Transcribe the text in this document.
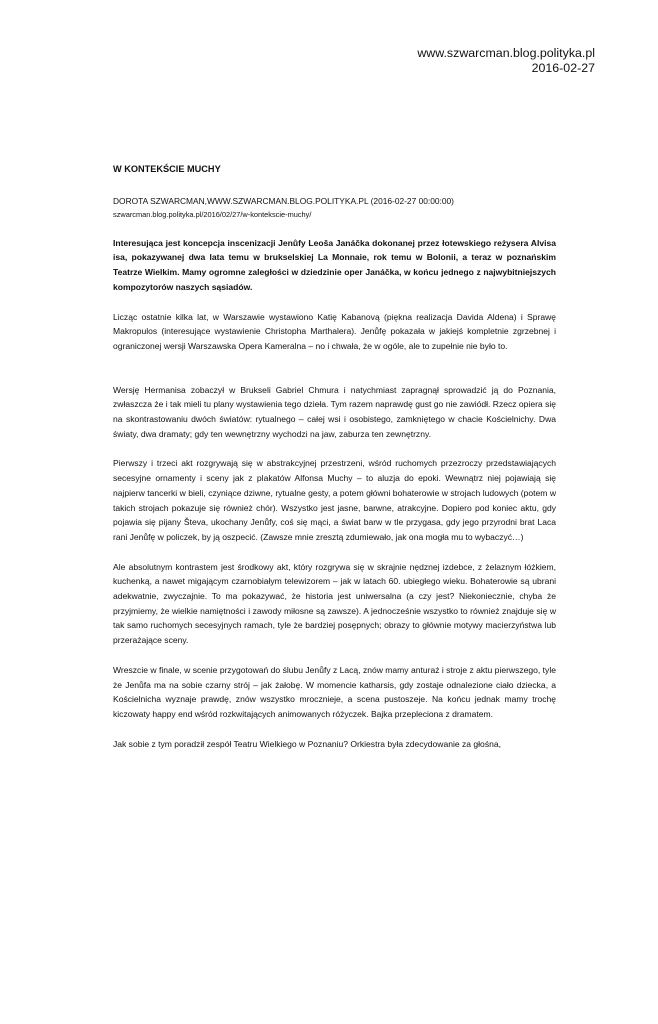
www.szwarcman.blog.polityka.pl
2016-02-27
W KONTEKŚCIE MUCHY
DOROTA SZWARCMAN,WWW.SZWARCMAN.BLOG.POLITYKA.PL (2016-02-27 00:00:00)
szwarcman.blog.polityka.pl/2016/02/27/w-kontekscie-muchy/

Interesująca jest koncepcja inscenizacji Jenůfy Leoša Janáčka dokonanej przez łotewskiego reżysera Alvisa isa, pokazywanej dwa lata temu w brukselskiej La Monnaie, rok temu w Bolonii, a teraz w poznańskim Teatrze Wielkim. Mamy ogromne zaległości w dziedzinie oper Janáčka, w końcu jednego z najwybitniejszych kompozytorów naszych sąsiadów.

Licząc ostatnie kilka lat, w Warszawie wystawiono Katię Kabanovą (piękna realizacja Davida Aldena) i Sprawę Makropulos (interesujące wystawienie Christopha Marthalera). Jenůfę pokazała w jakiejś kompletnie zgrzebnej i ograniczonej wersji Warszawska Opera Kameralna – no i chwała, że w ogóle, ale to zupełnie nie było to.

Wersję Hermanisa zobaczył w Brukseli Gabriel Chmura i natychmiast zapragnął sprowadzić ją do Poznania, zwłaszcza że i tak mieli tu plany wystawienia tego dzieła. Tym razem naprawdę gust go nie zawiódł. Rzecz opiera się na skontrastowaniu dwóch światów: rytualnego – całej wsi i osobistego, zamkniętego w chacie Kościelnichy. Dwa światy, dwa dramaty; gdy ten wewnętrzny wychodzi na jaw, zaburza ten zewnętrzny.

Pierwszy i trzeci akt rozgrywają się w abstrakcyjnej przestrzeni, wśród ruchomych przezroczy przedstawiających secesyjne ornamenty i sceny jak z plakatów Alfonsa Muchy – to aluzja do epoki. Wewnątrz niej pojawiają się najpierw tancerki w bieli, czyniące dziwne, rytualne gesty, a potem główni bohaterowie w strojach ludowych (potem w takich strojach pokazuje się również chór). Wszystko jest jasne, barwne, atrakcyjne. Dopiero pod koniec aktu, gdy pojawia się pijany Števa, ukochany Jenůfy, coś się mąci, a świat barw w tle przygasa, gdy jego przyrodni brat Laca rani Jenůfę w policzek, by ją oszpecić. (Zawsze mnie zresztą zdumiewało, jak ona mogła mu to wybaczyć…)

Ale absolutnym kontrastem jest środkowy akt, który rozgrywa się w skrajnie nędznej izdebce, z żelaznym łóżkiem, kuchenką, a nawet migającym czarnobiałym telewizorem – jak w latach 60. ubiegłego wieku. Bohaterowie są ubrani adekwatnie, zwyczajnie. To ma pokazywać, że historia jest uniwersalna (a czy jest? Niekoniecznie, chyba że przyjmiemy, że wielkie namiętności i zawody miłosne są zawsze). A jednocześnie wszystko to również znajduje się w tak samo ruchomych secesyjnych ramach, tyle że bardziej posępnych; obrazy to głównie motywy macierzyństwa lub przerażające sceny.

Wreszcie w finale, w scenie przygotowań do ślubu Jenůfy z Lacą, znów mamy anturaż i stroje z aktu pierwszego, tyle że Jenůfa ma na sobie czarny strój – jak żałobę. W momencie katharsis, gdy zostaje odnalezione ciało dziecka, a Kościelnicha wyznaje prawdę, znów wszystko mroczniejе, a scena pustoszeje. Na końcu jednak mamy trochę kiczowaty happy end wśród rozkwitających animowanych różyczek. Bajka przepleciona z dramatem.

Jak sobie z tym poradził zespół Teatru Wielkiego w Poznaniu? Orkiestra była zdecydowanie za głośna,
